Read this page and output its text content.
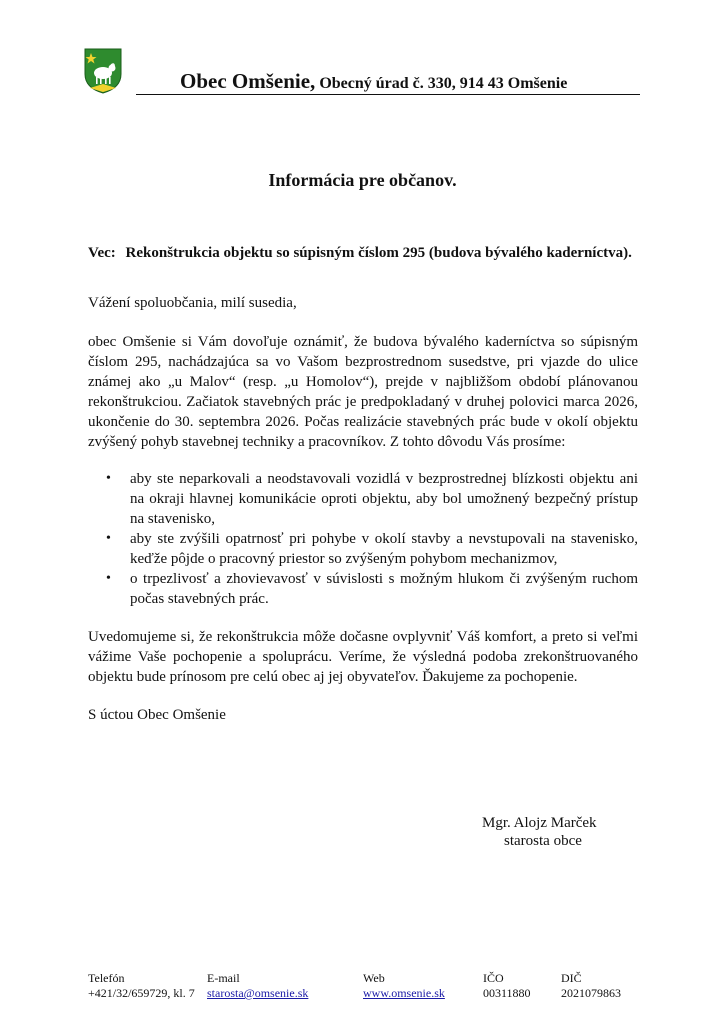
Obec Omšenie, Obecný úrad č. 330, 914 43 Omšenie
Informácia pre občanov.
Vec: Rekonštrukcia objektu so súpisným číslom 295 (budova bývalého kaderníctva).
Vážení spoluobčania, milí susedia,
obec Omšenie si Vám dovoľuje oznámiť, že budova bývalého kaderníctva so súpisným číslom 295, nachádzajúca sa vo Vašom bezprostrednom susedstve, pri vjazde do ulice známej ako „u Malov“ (resp. „u Homolov“), prejde v najbližšom období plánovanou rekonštrukciou. Začiatok stavebných prác je predpokladaný v druhej polovici marca 2026, ukončenie do 30. septembra 2026. Počas realizácie stavebných prác bude v okolí objektu zvýšený pohyb stavebnej techniky a pracovníkov. Z tohto dôvodu Vás prosíme:
• aby ste neparkovali a neodstavovali vozidlá v bezprostrednej blízkosti objektu ani na okraji hlavnej komunikácie oproti objektu, aby bol umožnený bezpečný prístup na stavenisko,
• aby ste zvýšili opatrnosť pri pohybe v okolí stavby a nevstupovali na stavenisko, keďže pôjde o pracovný priestor so zvýšeným pohybom mechanizmov,
• o trpezlivosť a zhovievavosť v súvislosti s možným hlukom či zvýšeným ruchom počas stavebných prác.
Uvedomujeme si, že rekonštrukcia môže dočasne ovplyvniť Váš komfort, a preto si veľmi vážime Vaše pochopenie a spoluprácu. Veríme, že výsledná podoba zrekonštruovaného objektu bude prínosom pre celú obec aj jej obyvateľov. Ďakujeme za pochopenie.
S úctou Obec Omšenie
Mgr. Alojz Marček
starosta obce
Telefón
+421/32/659729, kl. 7
E-mail
starosta@omsenie.sk
Web
www.omsenie.sk
IČO
00311880
DIČ
2021079863
